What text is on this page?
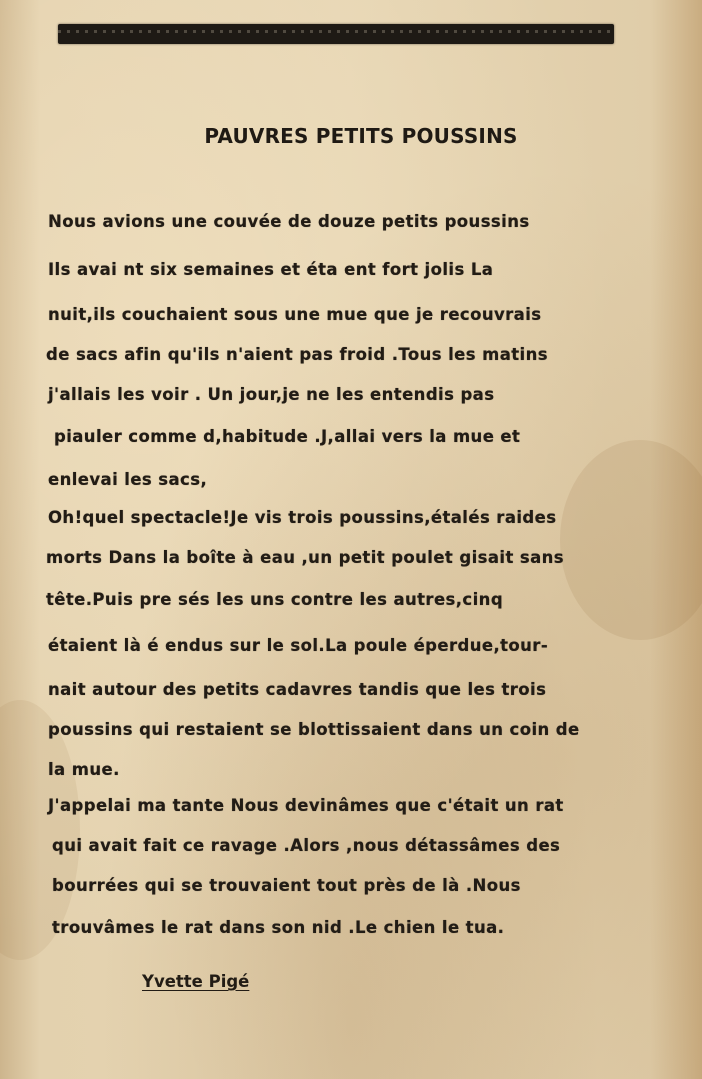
PAUVRES PETITS POUSSINS
Nous avions une couvée de douze petits poussins
Ils avai nt six semaines et éta ent fort jolis La
nuit,ils couchaient sous une mue que je recouvrais
de sacs afin qu'ils n'aient pas froid .Tous les matins
j'allais les voir . Un jour,je ne les entendis pas
piauler comme d,habitude .J,allai vers la mue et
enlevai les sacs,
Oh!quel spectacle!Je vis trois poussins,étalés raides
morts Dans la boîte à eau ,un petit poulet gisait sans
tête.Puis pre sés les uns contre les autres,cinq
étaient là é endus sur le sol.La poule éperdue,tour-
nait autour des petits cadavres tandis que les trois
poussins qui restaient se blottissaient dans un coin de
la mue.
J'appelai ma tante Nous devinâmes que c'était un rat
qui avait fait ce ravage .Alors ,nous détassâmes des
bourrées qui se trouvaient tout près de là .Nous
trouvâmes le rat dans son nid .Le chien le tua.
Yvette Pigé
